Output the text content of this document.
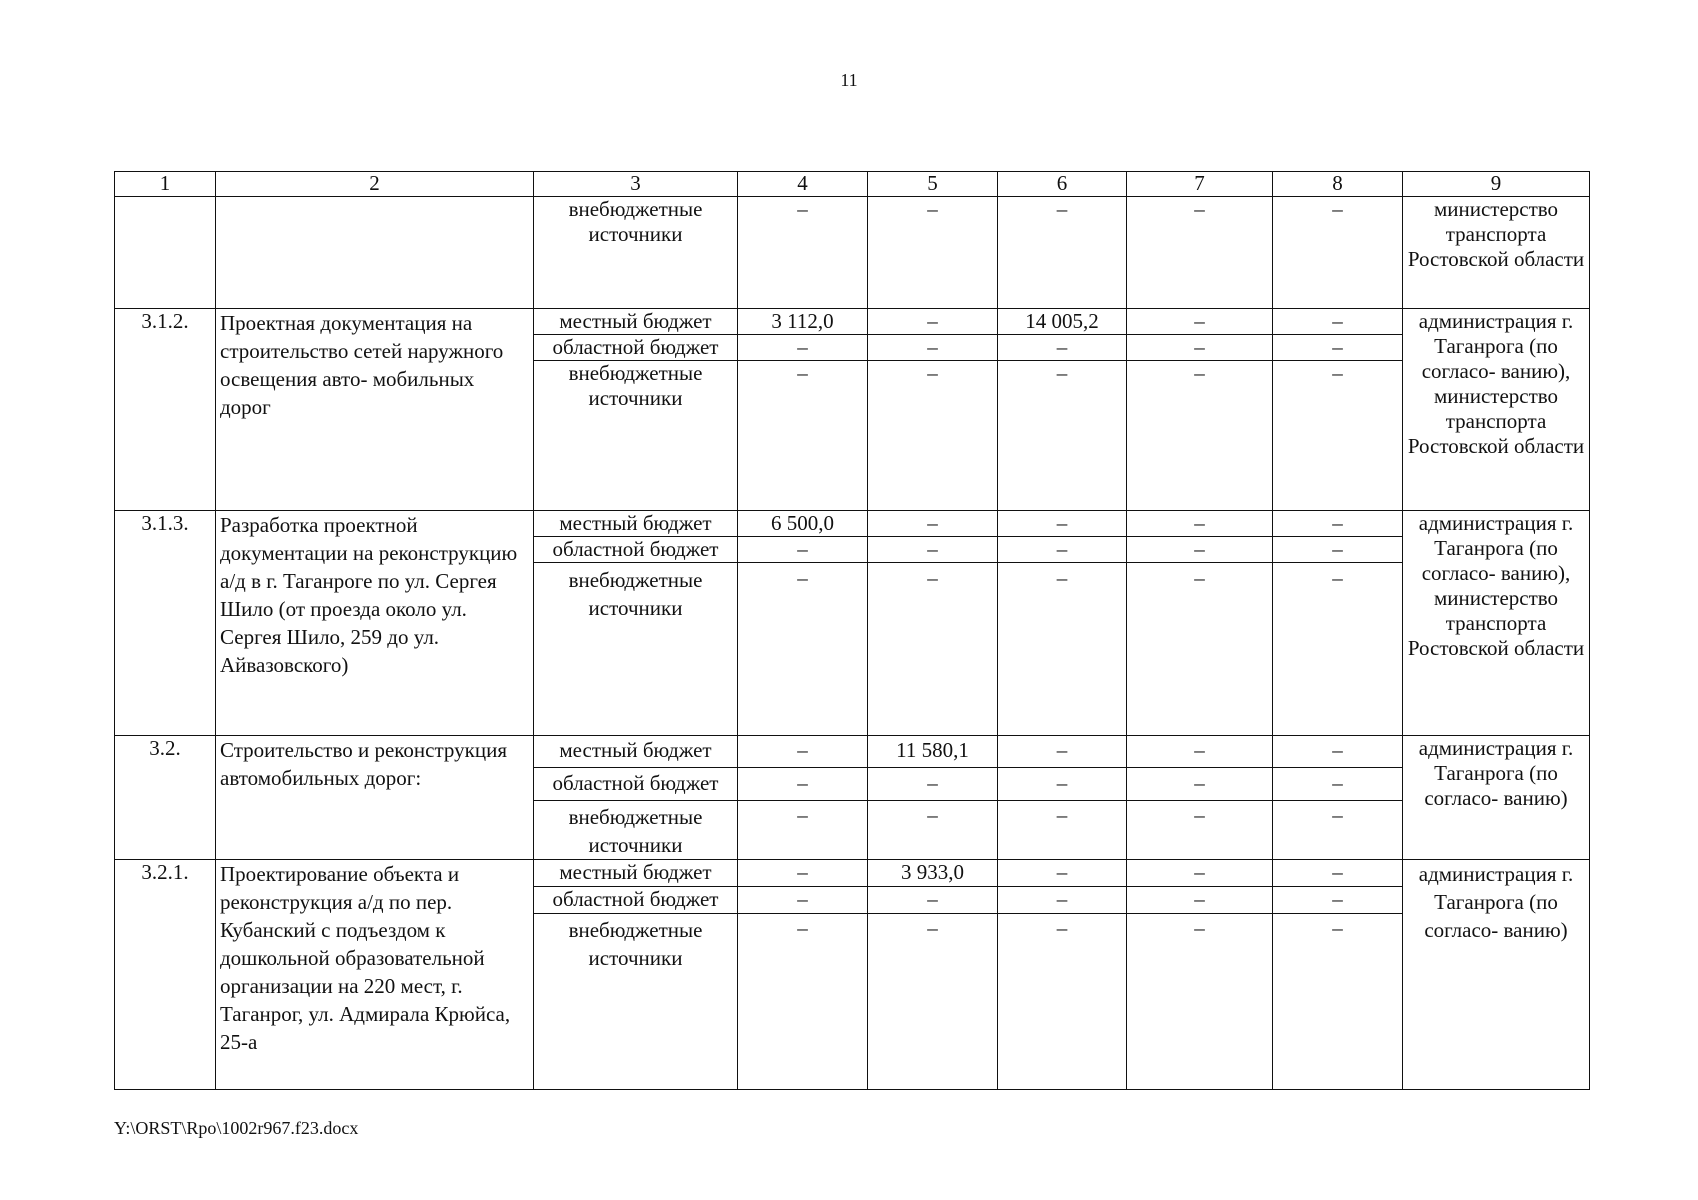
11
1	2	3	4	5	6	7	8	9
		внебюджетные источники	–	–	–	–	–	министерство транспорта Ростовской области
3.1.2.	Проектная документация на строительство сетей наружного освещения авто- мобильных дорог	местный бюджет	3 112,0	–	14 005,2	–	–	администрация г. Таганрога (по согласо- ванию), министерство транспорта Ростовской области
		областной бюджет	–	–	–	–	–	
		внебюджетные источники	–	–	–	–	–	
3.1.3.	Разработка проектной документации на реконструкцию а/д в г. Таганроге по ул. Сергея Шило (от проезда около ул. Сергея Шило, 259 до ул. Айвазовского)	местный бюджет	6 500,0	–	–	–	–	администрация г. Таганрога (по согласо- ванию), министерство транспорта Ростовской области
		областной бюджет	–	–	–	–	–	
		внебюджетные источники	–	–	–	–	–	
3.2.	Строительство и реконструкция автомобильных дорог:	местный бюджет	–	11 580,1	–	–	–	администрация г. Таганрога (по согласо- ванию)
		областной бюджет	–	–	–	–	–	
		внебюджетные источники	–	–	–	–	–	
3.2.1.	Проектирование объекта и реконструкция а/д по пер. Кубанский с подъездом к дошкольной образовательной организации на 220 мест, г. Таганрог, ул. Адмирала Крюйса, 25-а	местный бюджет	–	3 933,0	–	–	–	администрация г. Таганрога (по согласо- ванию)
		областной бюджет	–	–	–	–	–	
		внебюджетные источники	–	–	–	–	–	
Y:\ORST\Rpo\1002r967.f23.docx
